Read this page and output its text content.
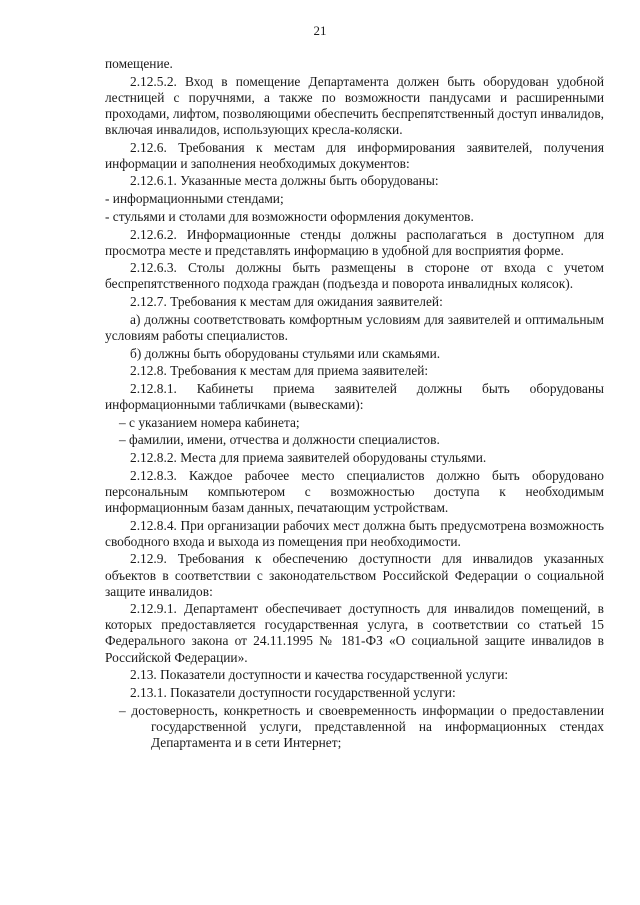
21

помещение.

2.12.5.2. Вход в помещение Департамента должен быть оборудован удобной лестницей с поручнями, а также по возможности пандусами и расширенными проходами, лифтом, позволяющими обеспечить беспрепятственный доступ инвалидов, включая инвалидов, использующих кресла-коляски.

2.12.6. Требования к местам для информирования заявителей, получения информации и заполнения необходимых документов:

2.12.6.1. Указанные места должны быть оборудованы:

- информационными стендами;

- стульями и столами для возможности оформления документов.

2.12.6.2. Информационные стенды должны располагаться в доступном для просмотра месте и представлять информацию в удобной для восприятия форме.

2.12.6.3. Столы должны быть размещены в стороне от входа с учетом беспрепятственного подхода граждан (подъезда и поворота инвалидных колясок).

2.12.7. Требования к местам для ожидания заявителей:

а) должны соответствовать комфортным условиям для заявителей и оптимальным условиям работы специалистов.

б) должны быть оборудованы стульями или скамьями.

2.12.8. Требования к местам для приема заявителей:

2.12.8.1. Кабинеты приема заявителей должны быть оборудованы информационными табличками (вывесками):

– с указанием номера кабинета;

– фамилии, имени, отчества и должности специалистов.

2.12.8.2. Места для приема заявителей оборудованы стульями.

2.12.8.3. Каждое рабочее место специалистов должно быть оборудовано персональным компьютером с возможностью доступа к необходимым информационным базам данных, печатающим устройствам.

2.12.8.4. При организации рабочих мест должна быть предусмотрена возможность свободного входа и выхода из помещения при необходимости.

2.12.9. Требования к обеспечению доступности для инвалидов указанных объектов в соответствии с законодательством Российской Федерации о социальной защите инвалидов:

2.12.9.1. Департамент обеспечивает доступность для инвалидов помещений, в которых предоставляется государственная услуга, в соответствии со статьей 15 Федерального закона от 24.11.1995 № 181-ФЗ «О социальной защите инвалидов в Российской Федерации».

2.13. Показатели доступности и качества государственной услуги:

2.13.1. Показатели доступности государственной услуги:

– достоверность, конкретность и своевременность информации о предоставлении государственной услуги, представленной на информационных стендах Департамента и в сети Интернет;
